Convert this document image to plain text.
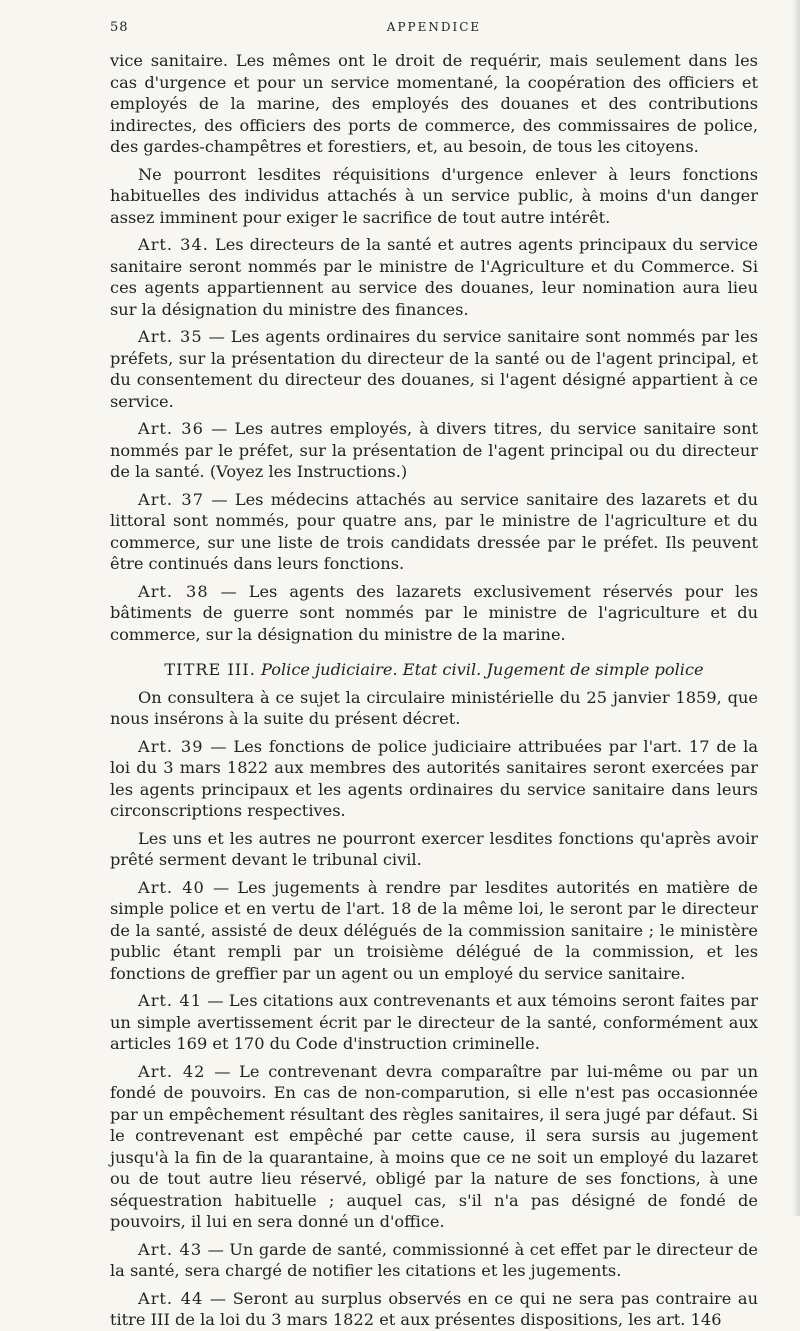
58	APPENDICE

vice sanitaire. Les mêmes ont le droit de requérir, mais seulement dans les cas d'urgence et pour un service momentané, la coopération des officiers et employés de la marine, des employés des douanes et des contributions indirectes, des officiers des ports de commerce, des commissaires de police, des gardes-champêtres et forestiers, et, au besoin, de tous les citoyens.

Ne pourront lesdites réquisitions d'urgence enlever à leurs fonctions habituelles des individus attachés à un service public, à moins d'un danger assez imminent pour exiger le sacrifice de tout autre intérêt.

Art. 34. Les directeurs de la santé et autres agents principaux du service sanitaire seront nommés par le ministre de l'Agriculture et du Commerce. Si ces agents appartiennent au service des douanes, leur nomination aura lieu sur la désignation du ministre des finances.

Art. 35 — Les agents ordinaires du service sanitaire sont nommés par les préfets, sur la présentation du directeur de la santé ou de l'agent principal, et du consentement du directeur des douanes, si l'agent désigné appartient à ce service.

Art. 36 — Les autres employés, à divers titres, du service sanitaire sont nommés par le préfet, sur la présentation de l'agent principal ou du directeur de la santé. (Voyez les Instructions.)

Art. 37 — Les médecins attachés au service sanitaire des lazarets et du littoral sont nommés, pour quatre ans, par le ministre de l'agriculture et du commerce, sur une liste de trois candidats dressée par le préfet. Ils peuvent être continués dans leurs fonctions.

Art. 38 — Les agents des lazarets exclusivement réservés pour les bâtiments de guerre sont nommés par le ministre de l'agriculture et du commerce, sur la désignation du ministre de la marine.

TITRE III. Police judiciaire. Etat civil. Jugement de simple police

On consultera à ce sujet la circulaire ministérielle du 25 janvier 1859, que nous insérons à la suite du présent décret.

Art. 39 — Les fonctions de police judiciaire attribuées par l'art. 17 de la loi du 3 mars 1822 aux membres des autorités sanitaires seront exercées par les agents principaux et les agents ordinaires du service sanitaire dans leurs circonscriptions respectives.

Les uns et les autres ne pourront exercer lesdites fonctions qu'après avoir prêté serment devant le tribunal civil.

Art. 40 — Les jugements à rendre par lesdites autorités en matière de simple police et en vertu de l'art. 18 de la même loi, le seront par le directeur de la santé, assisté de deux délégués de la commission sanitaire ; le ministère public étant rempli par un troisième délégué de la commission, et les fonctions de greffier par un agent ou un employé du service sanitaire.

Art. 41 — Les citations aux contrevenants et aux témoins seront faites par un simple avertissement écrit par le directeur de la santé, conformément aux articles 169 et 170 du Code d'instruction criminelle.

Art. 42 — Le contrevenant devra comparaître par lui-même ou par un fondé de pouvoirs. En cas de non-comparution, si elle n'est pas occasionnée par un empêchement résultant des règles sanitaires, il sera jugé par défaut. Si le contrevenant est empêché par cette cause, il sera sursis au jugement jusqu'à la fin de la quarantaine, à moins que ce ne soit un employé du lazaret ou de tout autre lieu réservé, obligé par la nature de ses fonctions, à une séquestration habituelle ; auquel cas, s'il n'a pas désigné de fondé de pouvoirs, il lui en sera donné un d'office.

Art. 43 — Un garde de santé, commissionné à cet effet par le directeur de la santé, sera chargé de notifier les citations et les jugements.

Art. 44 — Seront au surplus observés en ce qui ne sera pas contraire au titre III de la loi du 3 mars 1822 et aux présentes dispositions, les art. 146
